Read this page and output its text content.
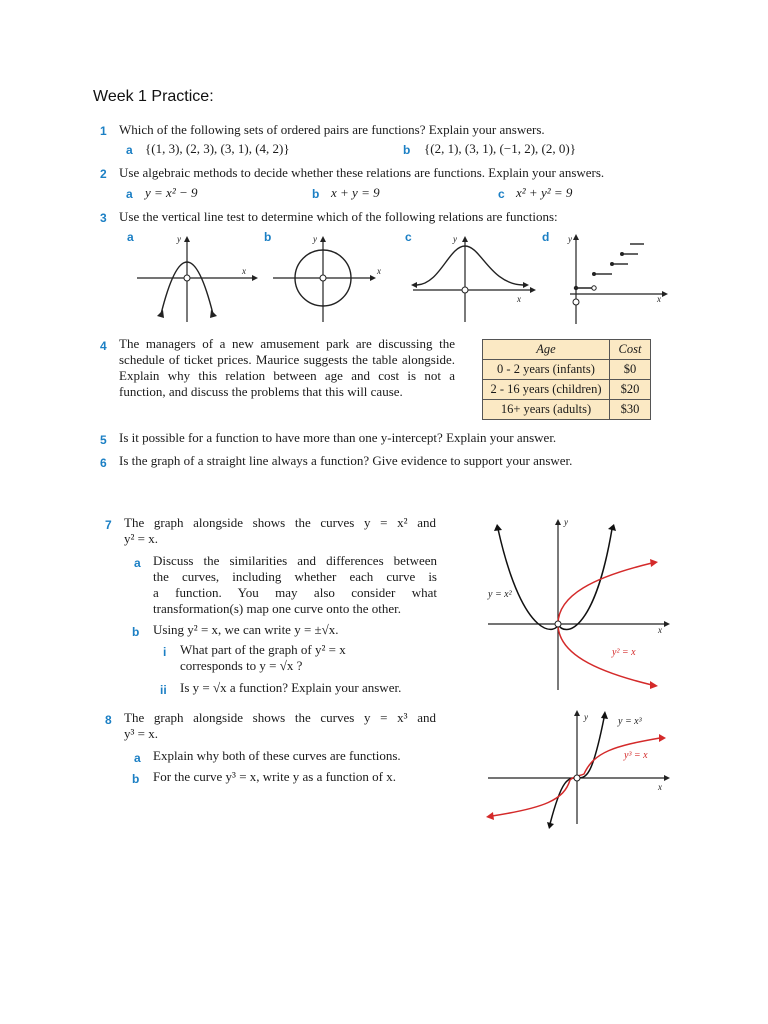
Week 1 Practice:
1 Which of the following sets of ordered pairs are functions? Explain your answers.
a {(1, 3), (2, 3), (3, 1), (4, 2)}	b {(2, 1), (3, 1), (−1, 2), (2, 0)}
2 Use algebraic methods to decide whether these relations are functions. Explain your answers.
a y = x² − 9	b x + y = 9	c x² + y² = 9
3 Use the vertical line test to determine which of the following relations are functions:
a	b	c	d
x
y
x
y
x
y
x
y
4 The managers of a new amusement park are discussing the
schedule of ticket prices. Maurice suggests the table alongside.
Explain why this relation between age and cost is not a
function, and discuss the problems that this will cause.
Age	Cost
0 - 2 years (infants)	$0
2 - 16 years (children)	$20
16+ years (adults)	$30
5 Is it possible for a function to have more than one y-intercept? Explain your answer.
6 Is the graph of a straight line always a function? Give evidence to support your answer.
7 The graph alongside shows the curves y = x² and
y² = x.
a Discuss the similarities and differences between
the curves, including whether each curve is
a function. You may also consider what
transformation(s) map one curve onto the other.
b Using y² = x, we can write y = ±√x.
i What part of the graph of y² = x
corresponds to y = √x ?
ii Is y = √x a function? Explain your answer.
y = x²
y² = x
x
y
8 The graph alongside shows the curves y = x³ and
y³ = x.
a Explain why both of these curves are functions.
b For the curve y³ = x, write y as a function of x.
y = x³
y³ = x
x
y
